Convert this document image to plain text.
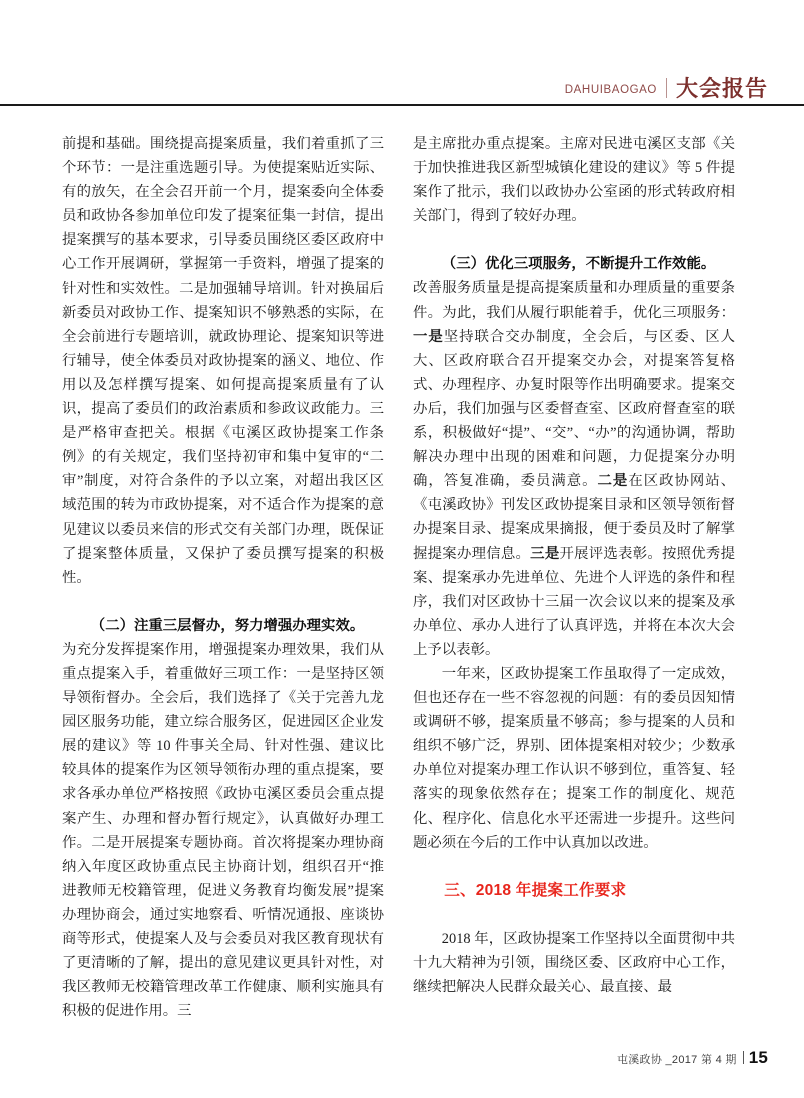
DAHUIBAOGAO 大会报告

前提和基础。围绕提高提案质量，我们着重抓了三个环节：一是注重选题引导。为使提案贴近实际、有的放矢，在全会召开前一个月，提案委向全体委员和政协各参加单位印发了提案征集一封信，提出提案撰写的基本要求，引导委员围绕区委区政府中心工作开展调研，掌握第一手资料，增强了提案的针对性和实效性。二是加强辅导培训。针对换届后新委员对政协工作、提案知识不够熟悉的实际，在全会前进行专题培训，就政协理论、提案知识等进行辅导，使全体委员对政协提案的涵义、地位、作用以及怎样撰写提案、如何提高提案质量有了认识，提高了委员们的政治素质和参政议政能力。三是严格审查把关。根据《屯溪区政协提案工作条例》的有关规定，我们坚持初审和集中复审的“二审”制度，对符合条件的予以立案，对超出我区区域范围的转为市政协提案，对不适合作为提案的意见建议以委员来信的形式交有关部门办理，既保证了提案整体质量，又保护了委员撰写提案的积极性。

（二）注重三层督办，努力增强办理实效。

为充分发挥提案作用，增强提案办理效果，我们从重点提案入手，着重做好三项工作：一是坚持区领导领衔督办。全会后，我们选择了《关于完善九龙园区服务功能，建立综合服务区，促进园区企业发展的建议》等 10 件事关全局、针对性强、建议比较具体的提案作为区领导领衔办理的重点提案，要求各承办单位严格按照《政协屯溪区委员会重点提案产生、办理和督办暂行规定》，认真做好办理工作。二是开展提案专题协商。首次将提案办理协商纳入年度区政协重点民主协商计划，组织召开“推进教师无校籍管理，促进义务教育均衡发展”提案办理协商会，通过实地察看、听情况通报、座谈协商等形式，使提案人及与会委员对我区教育现状有了更清晰的了解，提出的意见建议更具针对性，对我区教师无校籍管理改革工作健康、顺利实施具有积极的促进作用。三

是主席批办重点提案。主席对民进屯溪区支部《关于加快推进我区新型城镇化建设的建议》等 5 件提案作了批示，我们以政协办公室函的形式转政府相关部门，得到了较好办理。

（三）优化三项服务，不断提升工作效能。

改善服务质量是提高提案质量和办理质量的重要条件。为此，我们从履行职能着手，优化三项服务：一是坚持联合交办制度，全会后，与区委、区人大、区政府联合召开提案交办会，对提案答复格式、办理程序、办复时限等作出明确要求。提案交办后，我们加强与区委督查室、区政府督查室的联系，积极做好“提”、“交”、“办”的沟通协调，帮助解决办理中出现的困难和问题，力促提案分办明确，答复准确，委员满意。二是在区政协网站、《屯溪政协》刊发区政协提案目录和区领导领衔督办提案目录、提案成果摘报，便于委员及时了解掌握提案办理信息。三是开展评选表彰。按照优秀提案、提案承办先进单位、先进个人评选的条件和程序，我们对区政协十三届一次会议以来的提案及承办单位、承办人进行了认真评选，并将在本次大会上予以表彰。

一年来，区政协提案工作虽取得了一定成效，但也还存在一些不容忽视的问题：有的委员因知情或调研不够，提案质量不够高；参与提案的人员和组织不够广泛，界别、团体提案相对较少；少数承办单位对提案办理工作认识不够到位，重答复、轻落实的现象依然存在；提案工作的制度化、规范化、程序化、信息化水平还需进一步提升。这些问题必须在今后的工作中认真加以改进。

三、2018 年提案工作要求

2018 年，区政协提案工作坚持以全面贯彻中共十九大精神为引领，围绕区委、区政府中心工作，继续把解决人民群众最关心、最直接、最

屯溪政协 _2017 第 4 期 15
